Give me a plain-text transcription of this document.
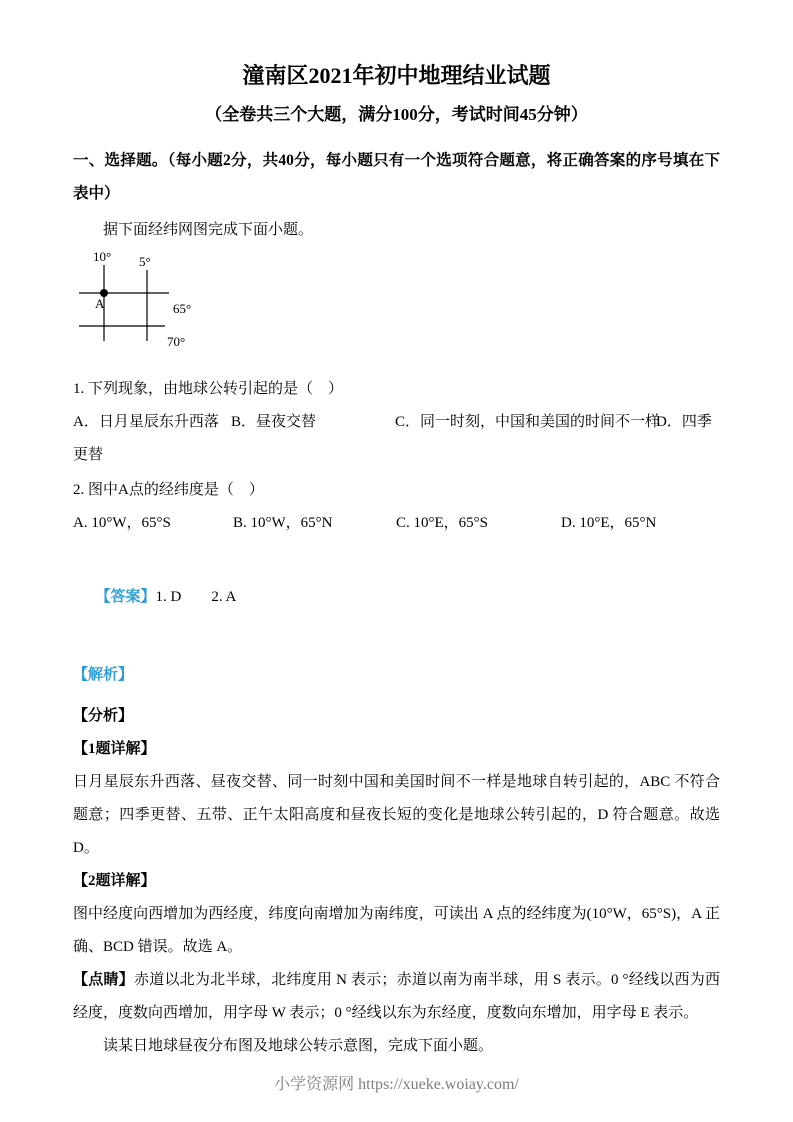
潼南区2021年初中地理结业试题
（全卷共三个大题，满分100分，考试时间45分钟）
一、选择题。（每小题2分，共40分，每小题只有一个选项符合题意，将正确答案的序号填在下表中）
据下面经纬网图完成下面小题。
10° 5°
A	65°
70°
1. 下列现象，由地球公转引起的是（　）
A．日月星辰东升西落 B．昼夜交替	C．同一时刻，中国和美国的时间不一样
D．四季
更替
2. 图中A点的经纬度是（　）
A. 10°W，65°S	B. 10°W，65°N	C. 10°E，65°S	D. 10°E，65°N

【答案】1. D　　2. A

【解析】
【分析】
【1题详解】
日月星辰东升西落、昼夜交替、同一时刻中国和美国时间不一样是地球自转引起的，ABC 不符合题意；四季更替、五带、正午太阳高度和昼夜长短的变化是地球公转引起的，D 符合题意。故选 D。
【2题详解】
图中经度向西增加为西经度，纬度向南增加为南纬度，可读出 A 点的经纬度为(10°W，65°S)，A 正确、BCD 错误。故选 A。
【点睛】赤道以北为北半球，北纬度用 N 表示；赤道以南为南半球，用 S 表示。0 °经线以西为西经度，度数向西增加，用字母 W 表示；0 °经线以东为东经度，度数向东增加，用字母 E 表示。
读某日地球昼夜分布图及地球公转示意图，完成下面小题。
小学资源网 https://xueke.woiay.com/
